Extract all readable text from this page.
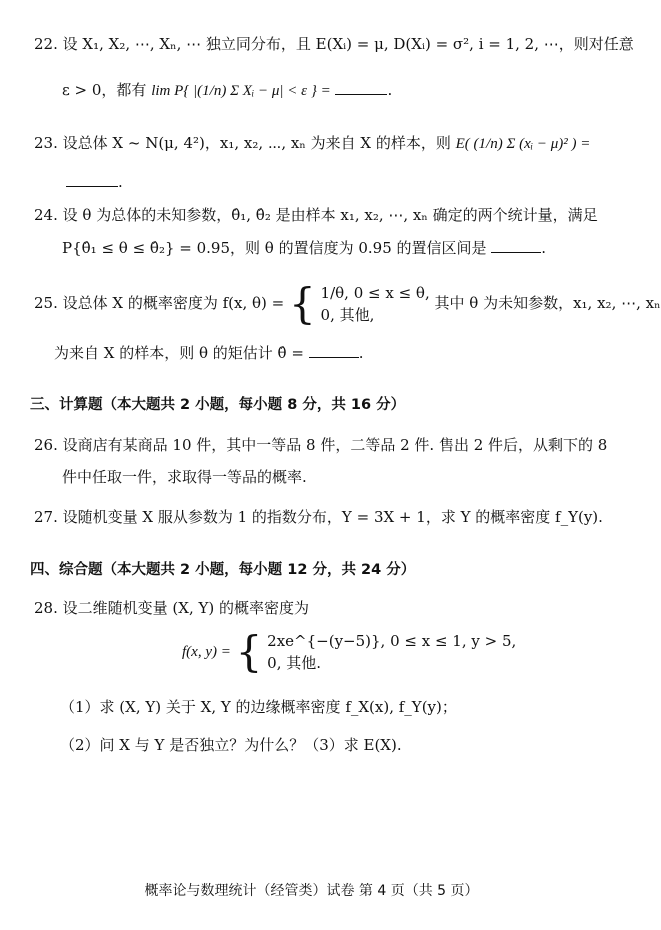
22. 设 X₁, X₂, ⋯, Xₙ, ⋯ 独立同分布，且 E(Xᵢ) = μ, D(Xᵢ) = σ², i = 1, 2, ⋯，则对任意
ε > 0，都有 lim P{ |(1/n) Σ Xᵢ − μ| < ε } =	.
23. 设总体 X ~ N(μ, 4²)，x₁, x₂, ⋯, xₙ 为来自 X 的样本，则 E( (1/n) Σ (xᵢ − μ)² ) =
.
24. 设 θ 为总体的未知参数，θ̂₁, θ̂₂ 是由样本 x₁, x₂, ⋯, xₙ 确定的两个统计量，满足
P{θ̂₁ ≤ θ ≤ θ̂₂} = 0.95，则 θ 的置信度为 0.95 的置信区间是	.
25. 设总体 X 的概率密度为 f(x, θ) = { 1/θ, 0 ≤ x ≤ θ,
0, 其他,
其中 θ 为未知参数，x₁, x₂, ⋯, xₙ
为来自 X 的样本，则 θ 的矩估计 θ̂ =	.
三、计算题（本大题共 2 小题，每小题 8 分，共 16 分）
26. 设商店有某商品 10 件，其中一等品 8 件，二等品 2 件. 售出 2 件后，从剩下的 8
件中任取一件，求取得一等品的概率.
27. 设随机变量 X 服从参数为 1 的指数分布，Y = 3X + 1，求 Y 的概率密度 f_Y(y).
四、综合题（本大题共 2 小题，每小题 12 分，共 24 分）
28. 设二维随机变量 (X, Y) 的概率密度为
f(x, y) = { 2xe^{−(y−5)}, 0 ≤ x ≤ 1, y > 5,
0, 其他.
（1）求 (X, Y) 关于 X, Y 的边缘概率密度 f_X(x), f_Y(y)；
（2）问 X 与 Y 是否独立？为什么？（3）求 E(X).
概率论与数理统计（经管类）试卷 第 4 页（共 5 页）
